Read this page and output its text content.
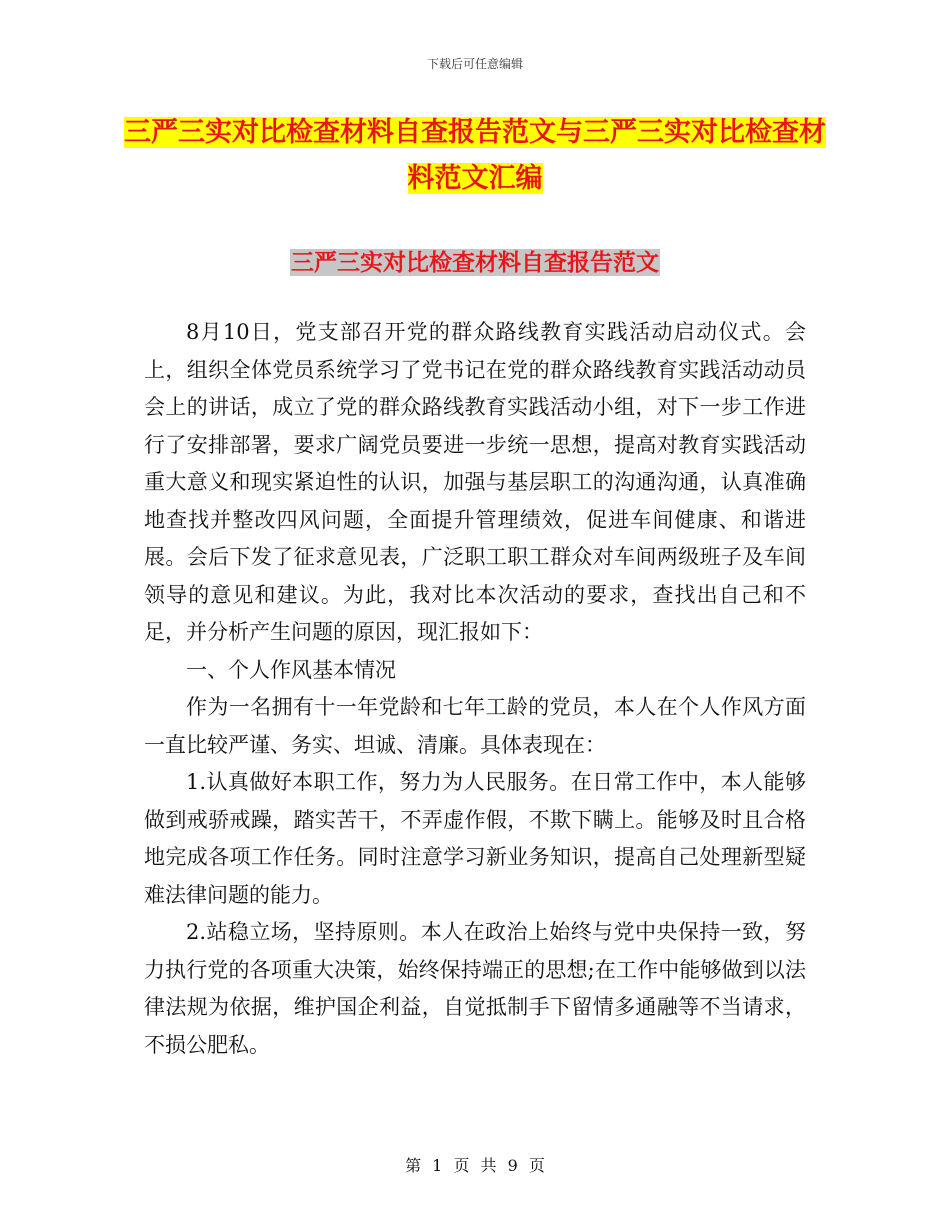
下载后可任意编辑
三严三实对比检查材料自查报告范文与三严三实对比检查材料范文汇编
三严三实对比检查材料自查报告范文

8月10日，党支部召开党的群众路线教育实践活动启动仪式。会上，组织全体党员系统学习了党书记在党的群众路线教育实践活动动员会上的讲话，成立了党的群众路线教育实践活动小组，对下一步工作进行了安排部署，要求广阔党员要进一步统一思想，提高对教育实践活动重大意义和现实紧迫性的认识，加强与基层职工的沟通沟通，认真准确地查找并整改四风问题，全面提升管理绩效，促进车间健康、和谐进展。会后下发了征求意见表，广泛职工职工群众对车间两级班子及车间领导的意见和建议。为此，我对比本次活动的要求，查找出自己和不足，并分析产生问题的原因，现汇报如下：

一、个人作风基本情况

作为一名拥有十一年党龄和七年工龄的党员，本人在个人作风方面一直比较严谨、务实、坦诚、清廉。具体表现在：

1.认真做好本职工作，努力为人民服务。在日常工作中，本人能够做到戒骄戒躁，踏实苦干，不弄虚作假，不欺下瞒上。能够及时且合格地完成各项工作任务。同时注意学习新业务知识，提高自己处理新型疑难法律问题的能力。

2.站稳立场，坚持原则。本人在政治上始终与党中央保持一致，努力执行党的各项重大决策，始终保持端正的思想;在工作中能够做到以法律法规为依据，维护国企利益，自觉抵制手下留情多通融等不当请求，不损公肥私。

第 1 页 共 9 页
